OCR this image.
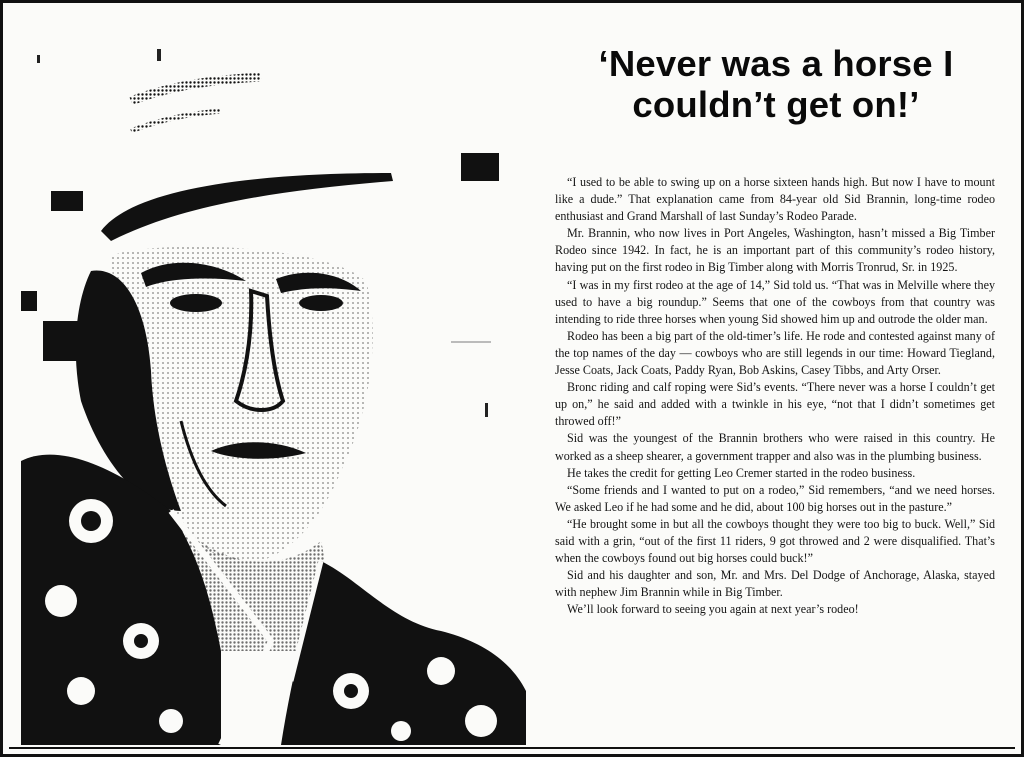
‘Never was a horse I couldn’t get on!’

“I used to be able to swing up on a horse sixteen hands high. But now I have to mount like a dude.” That explanation came from 84-year old Sid Brannin, long-time rodeo enthusiast and Grand Marshall of last Sunday’s Rodeo Parade.

Mr. Brannin, who now lives in Port Angeles, Washington, hasn’t missed a Big Timber Rodeo since 1942. In fact, he is an important part of this community’s rodeo history, having put on the first rodeo in Big Timber along with Morris Tronrud, Sr. in 1925.

“I was in my first rodeo at the age of 14,” Sid told us. “That was in Melville where they used to have a big roundup.” Seems that one of the cowboys from that country was intending to ride three horses when young Sid showed him up and outrode the older man.

Rodeo has been a big part of the old-timer’s life. He rode and contested against many of the top names of the day — cowboys who are still legends in our time: Howard Tiegland, Jesse Coats, Jack Coats, Paddy Ryan, Bob Askins, Casey Tibbs, and Arty Orser.

Bronc riding and calf roping were Sid’s events. “There never was a horse I couldn’t get up on,” he said and added with a twinkle in his eye, “not that I didn’t sometimes get throwed off!”

Sid was the youngest of the Brannin brothers who were raised in this country. He worked as a sheep shearer, a government trapper and also was in the plumbing business.

He takes the credit for getting Leo Cremer started in the rodeo business.

“Some friends and I wanted to put on a rodeo,” Sid remembers, “and we need horses. We asked Leo if he had some and he did, about 100 big horses out in the pasture.”

“He brought some in but all the cowboys thought they were too big to buck. Well,” Sid said with a grin, “out of the first 11 riders, 9 got throwed and 2 were disqualified. That’s when the cowboys found out big horses could buck!”

Sid and his daughter and son, Mr. and Mrs. Del Dodge of Anchorage, Alaska, stayed with nephew Jim Brannin while in Big Timber.

We’ll look forward to seeing you again at next year’s rodeo!
